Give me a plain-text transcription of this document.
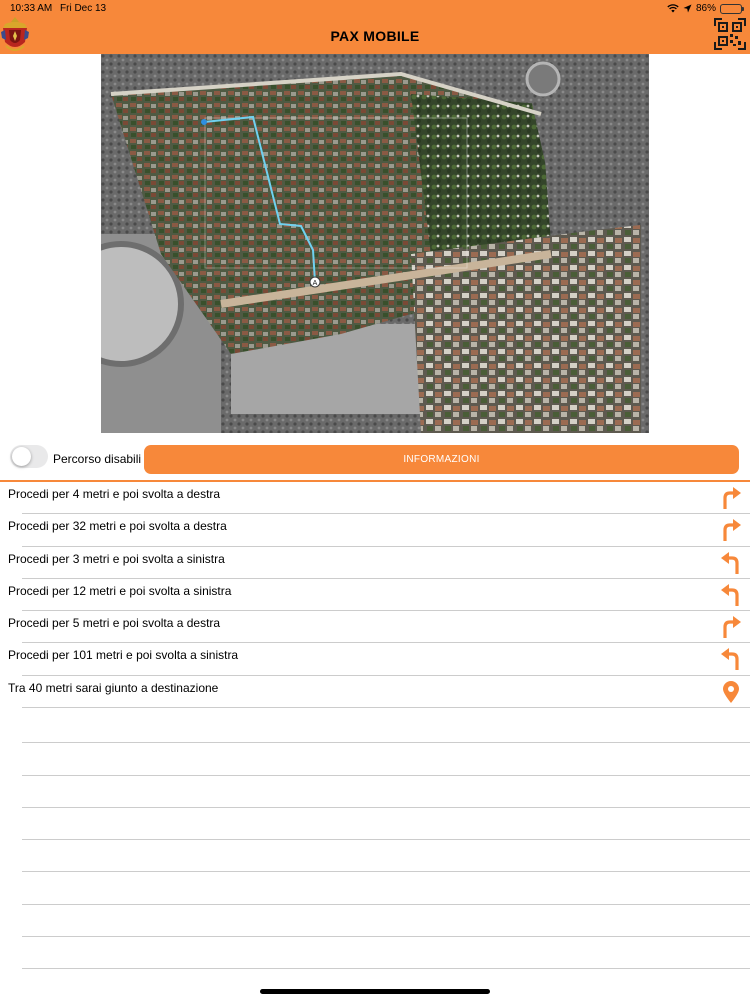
10:33 AM Fri Dec 13	86%
PAX MOBILE
A
Percorso disabili	INFORMAZIONI
Procedi per 4 metri e poi svolta a destra
Procedi per 32 metri e poi svolta a destra
Procedi per 3 metri e poi svolta a sinistra
Procedi per 12 metri e poi svolta a sinistra
Procedi per 5 metri e poi svolta a destra
Procedi per 101 metri e poi svolta a sinistra
Tra 40 metri sarai giunto a destinazione
